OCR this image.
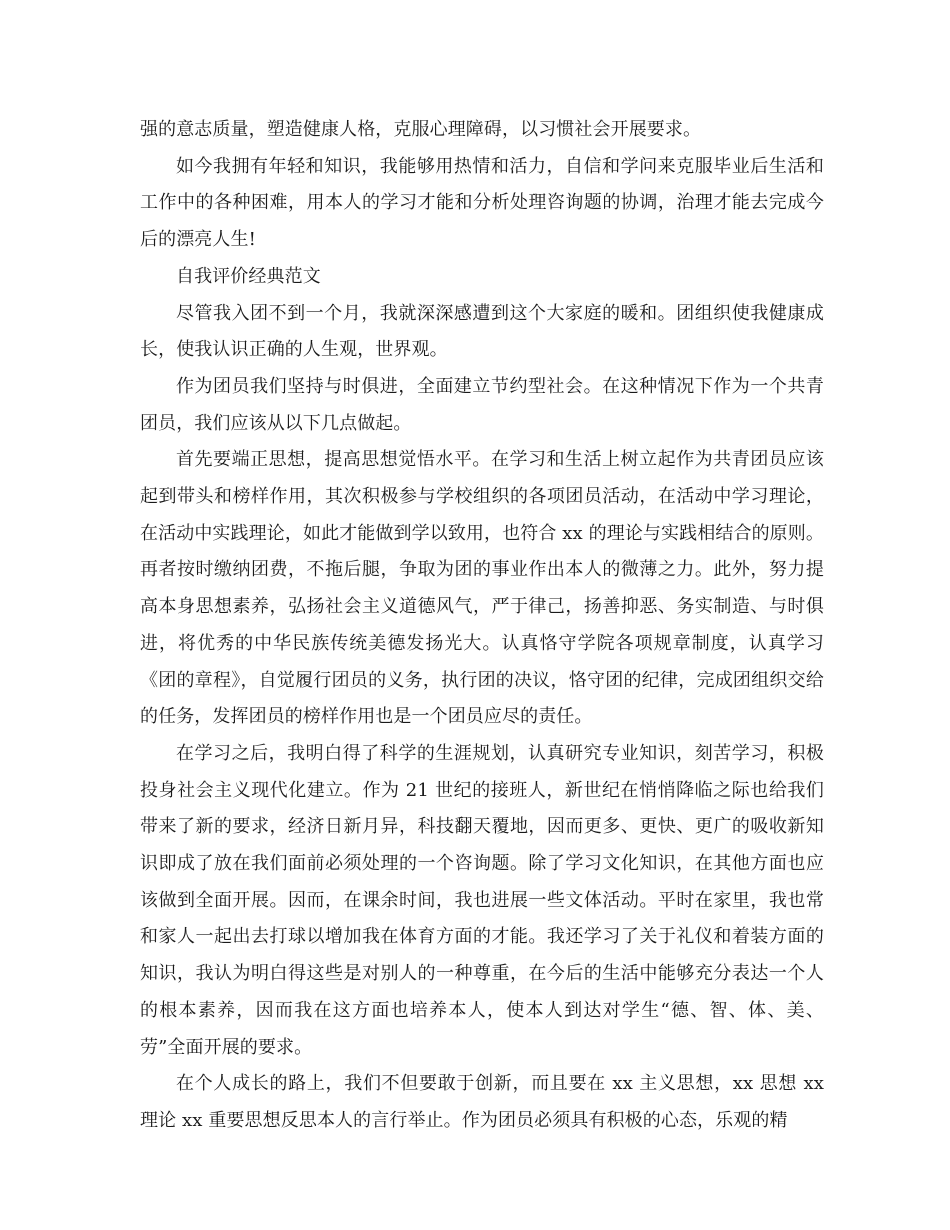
强的意志质量，塑造健康人格，克服心理障碍，以习惯社会开展要求。

如今我拥有年轻和知识，我能够用热情和活力，自信和学问来克服毕业后生活和工作中的各种困难，用本人的学习才能和分析处理咨询题的协调，治理才能去完成今后的漂亮人生!

自我评价经典范文

尽管我入团不到一个月，我就深深感遭到这个大家庭的暖和。团组织使我健康成长，使我认识正确的人生观，世界观。

作为团员我们坚持与时俱进，全面建立节约型社会。在这种情况下作为一个共青团员，我们应该从以下几点做起。

首先要端正思想，提高思想觉悟水平。在学习和生活上树立起作为共青团员应该起到带头和榜样作用，其次积极参与学校组织的各项团员活动，在活动中学习理论，在活动中实践理论，如此才能做到学以致用，也符合 xx 的理论与实践相结合的原则。再者按时缴纳团费，不拖后腿，争取为团的事业作出本人的微薄之力。此外，努力提高本身思想素养，弘扬社会主义道德风气，严于律己，扬善抑恶、务实制造、与时俱进，将优秀的中华民族传统美德发扬光大。认真恪守学院各项规章制度，认真学习《团的章程》，自觉履行团员的义务，执行团的决议，恪守团的纪律，完成团组织交给的任务，发挥团员的榜样作用也是一个团员应尽的责任。

在学习之后，我明白得了科学的生涯规划，认真研究专业知识，刻苦学习，积极投身社会主义现代化建立。作为 21 世纪的接班人，新世纪在悄悄降临之际也给我们带来了新的要求，经济日新月异，科技翻天覆地，因而更多、更快、更广的吸收新知识即成了放在我们面前必须处理的一个咨询题。除了学习文化知识，在其他方面也应该做到全面开展。因而，在课余时间，我也进展一些文体活动。平时在家里，我也常和家人一起出去打球以增加我在体育方面的才能。我还学习了关于礼仪和着装方面的知识，我认为明白得这些是对别人的一种尊重，在今后的生活中能够充分表达一个人的根本素养，因而我在这方面也培养本人，使本人到达对学生“德、智、体、美、劳”全面开展的要求。

在个人成长的路上，我们不但要敢于创新，而且要在 xx 主义思想，xx 思想 xx 理论 xx 重要思想反思本人的言行举止。作为团员必须具有积极的心态，乐观的精
